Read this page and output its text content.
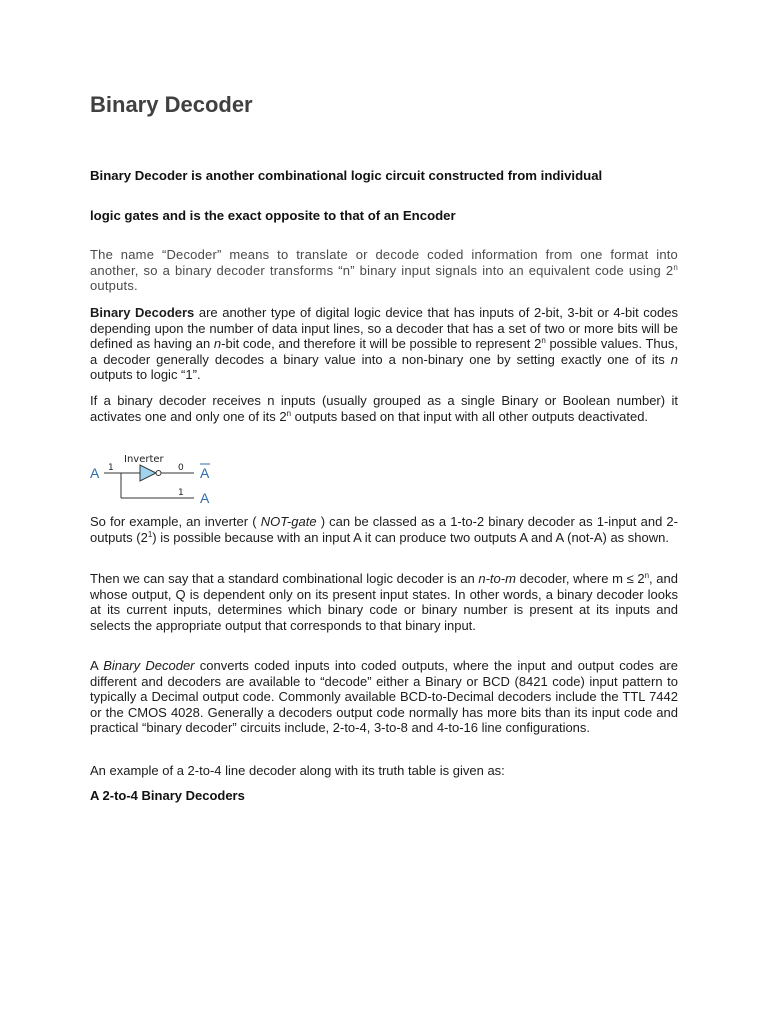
Binary Decoder

Binary Decoder is another combinational logic circuit constructed from individual

logic gates and is the exact opposite to that of an Encoder

The name “Decoder” means to translate or decode coded information from one format into another, so a binary decoder transforms “n” binary input signals into an equivalent code using 2$^n$ outputs.

Binary Decoders are another type of digital logic device that has inputs of 2-bit, 3-bit or 4-bit codes depending upon the number of data input lines, so a decoder that has a set of two or more bits will be defined as having an n-bit code, and therefore it will be possible to represent 2$^n$ possible values. Thus, a decoder generally decodes a binary value into a non-binary one by setting exactly one of its n outputs to logic “1”.

If a binary decoder receives n inputs (usually grouped as a single Binary or Boolean number) it activates one and only one of its 2$^n$ outputs based on that input with all other outputs deactivated.

Inverter
A 1	0
1
A
A

So for example, an inverter ( NOT-gate ) can be classed as a 1-to-2 binary decoder as 1-input and 2-outputs $(2^1)$ is possible because with an input A it can produce two outputs A and A (not-A) as shown.

Then we can say that a standard combinational logic decoder is an n-to-m decoder, where $m \le 2^n$, and whose output, Q is dependent only on its present input states. In other words, a binary decoder looks at its current inputs, determines which binary code or binary number is present at its inputs and selects the appropriate output that corresponds to that binary input.

A Binary Decoder converts coded inputs into coded outputs, where the input and output codes are different and decoders are available to “decode” either a Binary or BCD (8421 code) input pattern to typically a Decimal output code. Commonly available BCD-to-Decimal decoders include the TTL 7442 or the CMOS 4028. Generally a decoders output code normally has more bits than its input code and practical “binary decoder” circuits include, 2-to-4, 3-to-8 and 4-to-16 line configurations.

An example of a 2-to-4 line decoder along with its truth table is given as:

A 2-to-4 Binary Decoders
